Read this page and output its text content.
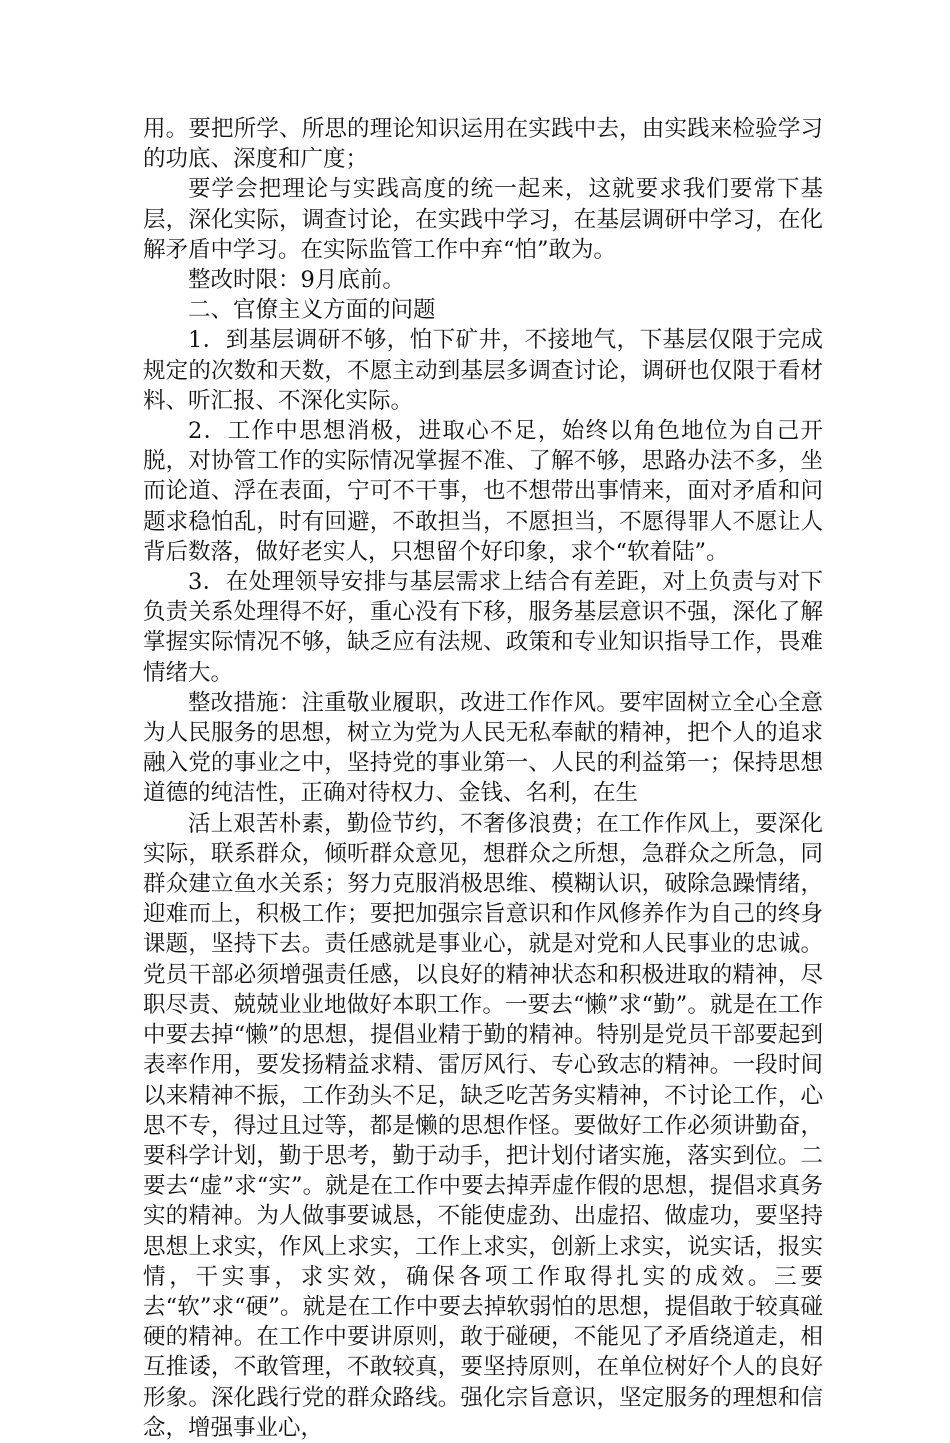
用。要把所学、所思的理论知识运用在实践中去，由实践来检验学习的功底、深度和广度；

要学会把理论与实践高度的统一起来，这就要求我们要常下基层，深化实际，调查讨论，在实践中学习，在基层调研中学习，在化解矛盾中学习。在实际监管工作中弃“怕”敢为。

整改时限：9月底前。

二、官僚主义方面的问题

1．到基层调研不够，怕下矿井，不接地气，下基层仅限于完成规定的次数和天数，不愿主动到基层多调查讨论，调研也仅限于看材料、听汇报、不深化实际。

2．工作中思想消极，进取心不足，始终以角色地位为自己开脱，对协管工作的实际情况掌握不准、了解不够，思路办法不多，坐而论道、浮在表面，宁可不干事，也不想带出事情来，面对矛盾和问题求稳怕乱，时有回避，不敢担当，不愿担当，不愿得罪人不愿让人背后数落，做好老实人，只想留个好印象，求个“软着陆”。

3．在处理领导安排与基层需求上结合有差距，对上负责与对下负责关系处理得不好，重心没有下移，服务基层意识不强，深化了解掌握实际情况不够，缺乏应有法规、政策和专业知识指导工作，畏难情绪大。

整改措施：注重敬业履职，改进工作作风。要牢固树立全心全意为人民服务的思想，树立为党为人民无私奉献的精神，把个人的追求融入党的事业之中，坚持党的事业第一、人民的利益第一；保持思想道德的纯洁性，正确对待权力、金钱、名利，在生

活上艰苦朴素，勤俭节约，不奢侈浪费；在工作作风上，要深化实际，联系群众，倾听群众意见，想群众之所想，急群众之所急，同群众建立鱼水关系；努力克服消极思维、模糊认识，破除急躁情绪，迎难而上，积极工作；要把加强宗旨意识和作风修养作为自己的终身课题，坚持下去。责任感就是事业心，就是对党和人民事业的忠诚。党员干部必须增强责任感，以良好的精神状态和积极进取的精神，尽职尽责、兢兢业业地做好本职工作。一要去“懒”求“勤”。就是在工作中要去掉“懒”的思想，提倡业精于勤的精神。特别是党员干部要起到表率作用，要发扬精益求精、雷厉风行、专心致志的精神。一段时间以来精神不振，工作劲头不足，缺乏吃苦务实精神，不讨论工作，心思不专，得过且过等，都是懒的思想作怪。要做好工作必须讲勤奋，要科学计划，勤于思考，勤于动手，把计划付诸实施，落实到位。二要去“虚”求“实”。就是在工作中要去掉弄虚作假的思想，提倡求真务实的精神。为人做事要诚恳，不能使虚劲、出虚招、做虚功，要坚持思想上求实，作风上求实，工作上求实，创新上求实，说实话，报实情，干实事，求实效，确保各项工作取得扎实的成效。三要去“软”求“硬”。就是在工作中要去掉软弱怕的思想，提倡敢于较真碰硬的精神。在工作中要讲原则，敢于碰硬，不能见了矛盾绕道走，相互推诿，不敢管理，不敢较真，要坚持原则，在单位树好个人的良好形象。深化践行党的群众路线。强化宗旨意识，坚定服务的理想和信念，增强事业心，
